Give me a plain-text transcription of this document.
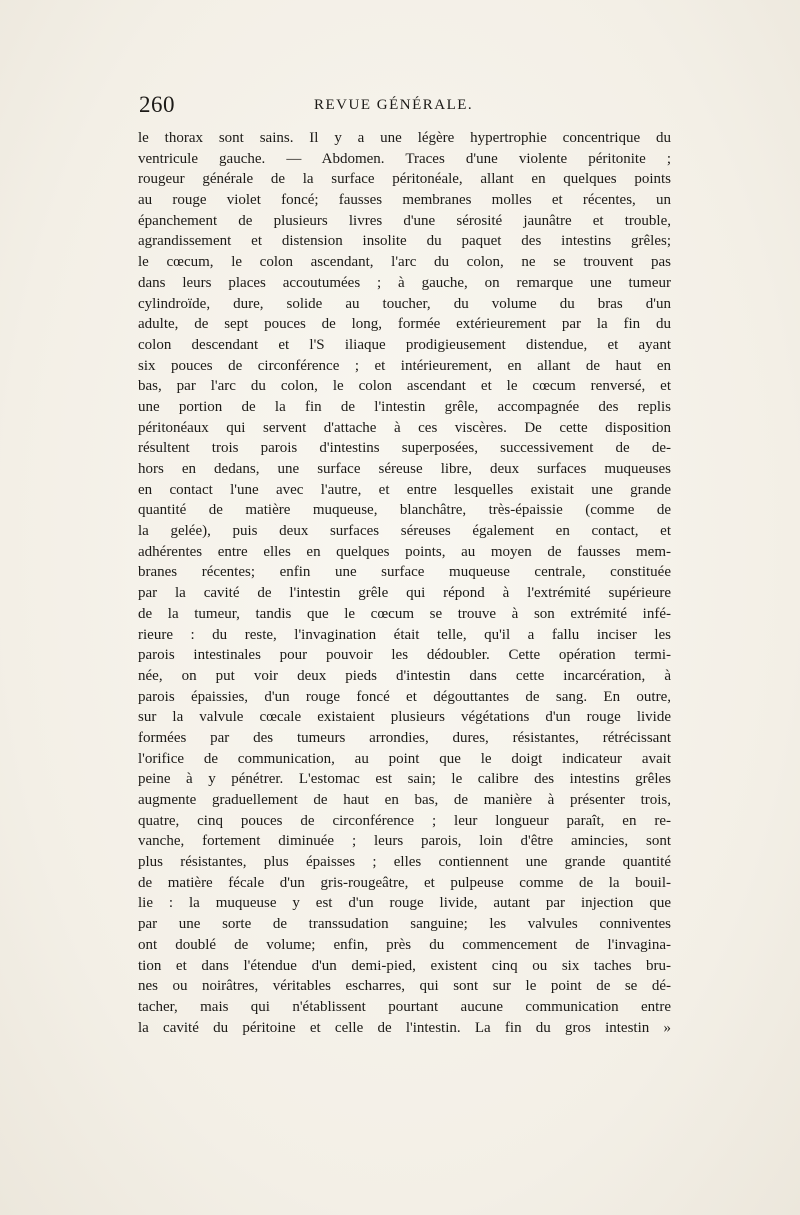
260	REVUE GÉNÉRALE.
le thorax sont sains. Il y a une légère hypertrophie concentrique du
ventricule gauche. — Abdomen. Traces d'une violente péritonite ;
rougeur générale de la surface péritonéale, allant en quelques points
au rouge violet foncé; fausses membranes molles et récentes, un
épanchement de plusieurs livres d'une sérosité jaunâtre et trouble,
agrandissement et distension insolite du paquet des intestins grêles;
le cœcum, le colon ascendant, l'arc du colon, ne se trouvent pas
dans leurs places accoutumées ; à gauche, on remarque une tumeur
cylindroïde, dure, solide au toucher, du volume du bras d'un
adulte, de sept pouces de long, formée extérieurement par la fin du
colon descendant et l'S iliaque prodigieusement distendue, et ayant
six pouces de circonférence ; et intérieurement, en allant de haut en
bas, par l'arc du colon, le colon ascendant et le cœcum renversé, et
une portion de la fin de l'intestin grêle, accompagnée des replis
péritonéaux qui servent d'attache à ces viscères. De cette disposition
résultent trois parois d'intestins superposées, successivement de de-
hors en dedans, une surface séreuse libre, deux surfaces muqueuses
en contact l'une avec l'autre, et entre lesquelles existait une grande
quantité de matière muqueuse, blanchâtre, très-épaissie (comme de
la gelée), puis deux surfaces séreuses également en contact, et
adhérentes entre elles en quelques points, au moyen de fausses mem-
branes récentes; enfin une surface muqueuse centrale, constituée
par la cavité de l'intestin grêle qui répond à l'extrémité supérieure
de la tumeur, tandis que le cœcum se trouve à son extrémité infé-
rieure : du reste, l'invagination était telle, qu'il a fallu inciser les
parois intestinales pour pouvoir les dédoubler. Cette opération termi-
née, on put voir deux pieds d'intestin dans cette incarcération, à
parois épaissies, d'un rouge foncé et dégouttantes de sang. En outre,
sur la valvule cœcale existaient plusieurs végétations d'un rouge livide
formées par des tumeurs arrondies, dures, résistantes, rétrécissant
l'orifice de communication, au point que le doigt indicateur avait
peine à y pénétrer. L'estomac est sain; le calibre des intestins grêles
augmente graduellement de haut en bas, de manière à présenter trois,
quatre, cinq pouces de circonférence ; leur longueur paraît, en re-
vanche, fortement diminuée ; leurs parois, loin d'être amincies, sont
plus résistantes, plus épaisses ; elles contiennent une grande quantité
de matière fécale d'un gris-rougeâtre, et pulpeuse comme de la bouil-
lie : la muqueuse y est d'un rouge livide, autant par injection que
par une sorte de transsudation sanguine; les valvules conniventes
ont doublé de volume; enfin, près du commencement de l'invagina-
tion et dans l'étendue d'un demi-pied, existent cinq ou six taches bru-
nes ou noirâtres, véritables escharres, qui sont sur le point de se dé-
tacher, mais qui n'établissent pourtant aucune communication entre
la cavité du péritoine et celle de l'intestin. La fin du gros intestin »
